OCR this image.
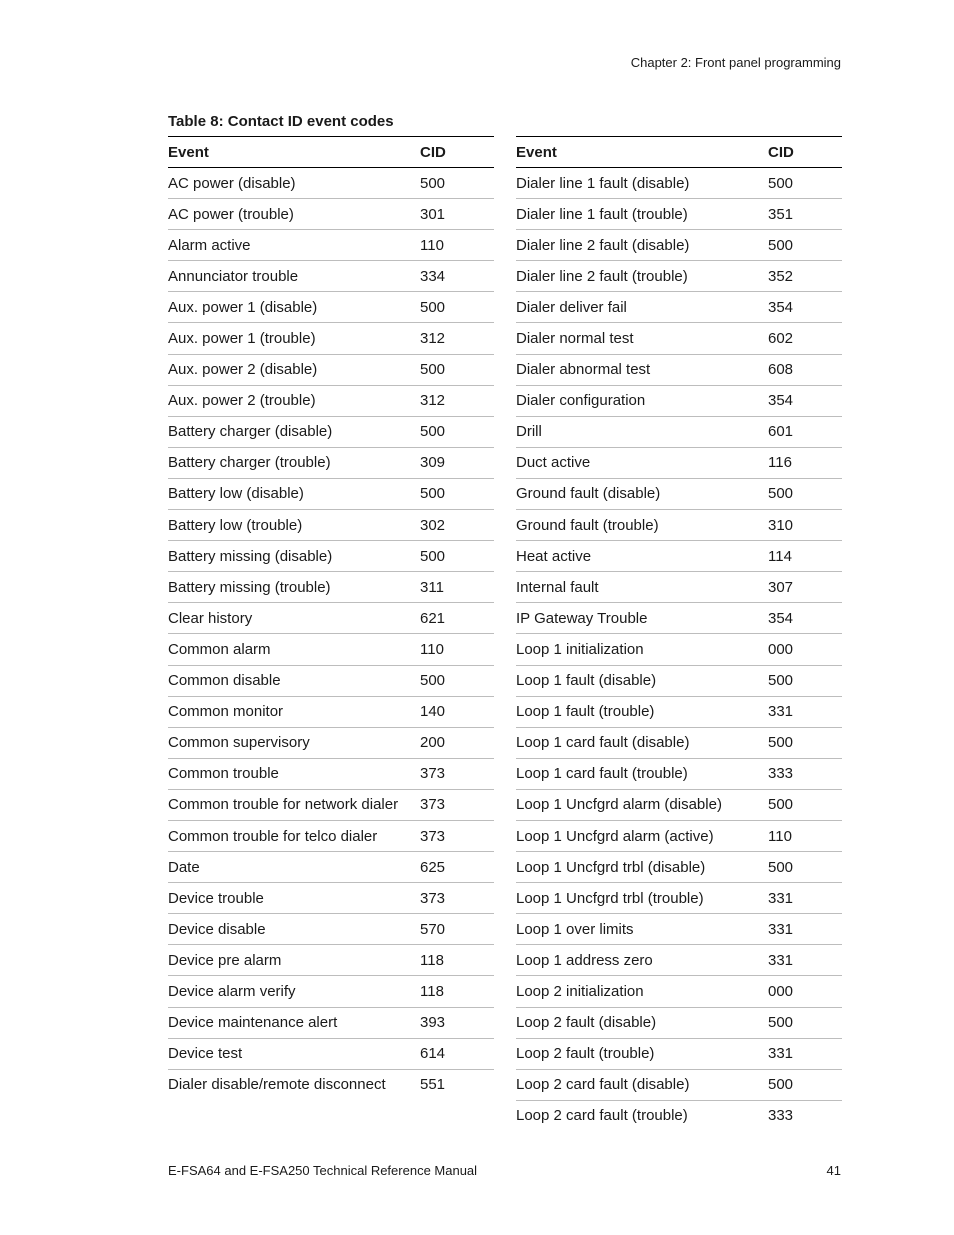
Chapter 2: Front panel programming
Table 8: Contact ID event codes
Event	CID
AC power (disable)	500
AC power (trouble)	301
Alarm active	110
Annunciator trouble	334
Aux. power 1 (disable)	500
Aux. power 1 (trouble)	312
Aux. power 2 (disable)	500
Aux. power 2 (trouble)	312
Battery charger (disable)	500
Battery charger (trouble)	309
Battery low (disable)	500
Battery low (trouble)	302
Battery missing (disable)	500
Battery missing (trouble)	311
Clear history	621
Common alarm	110
Common disable	500
Common monitor	140
Common supervisory	200
Common trouble	373
Common trouble for network dialer	373
Common trouble for telco dialer	373
Date	625
Device trouble	373
Device disable	570
Device pre alarm	118
Device alarm verify	118
Device maintenance alert	393
Device test	614
Dialer disable/remote disconnect	551
Event	CID
Dialer line 1 fault (disable)	500
Dialer line 1 fault (trouble)	351
Dialer line 2 fault (disable)	500
Dialer line 2 fault (trouble)	352
Dialer deliver fail	354
Dialer normal test	602
Dialer abnormal test	608
Dialer configuration	354
Drill	601
Duct active	116
Ground fault (disable)	500
Ground fault (trouble)	310
Heat active	114
Internal fault	307
IP Gateway Trouble	354
Loop 1 initialization	000
Loop 1 fault (disable)	500
Loop 1 fault (trouble)	331
Loop 1 card fault (disable)	500
Loop 1 card fault (trouble)	333
Loop 1 Uncfgrd alarm (disable)	500
Loop 1 Uncfgrd alarm (active)	110
Loop 1 Uncfgrd trbl (disable)	500
Loop 1 Uncfgrd trbl (trouble)	331
Loop 1 over limits	331
Loop 1 address zero	331
Loop 2 initialization	000
Loop 2 fault (disable)	500
Loop 2 fault (trouble)	331
Loop 2 card fault (disable)	500
Loop 2 card fault (trouble)	333
E-FSA64 and E-FSA250 Technical Reference Manual	41
